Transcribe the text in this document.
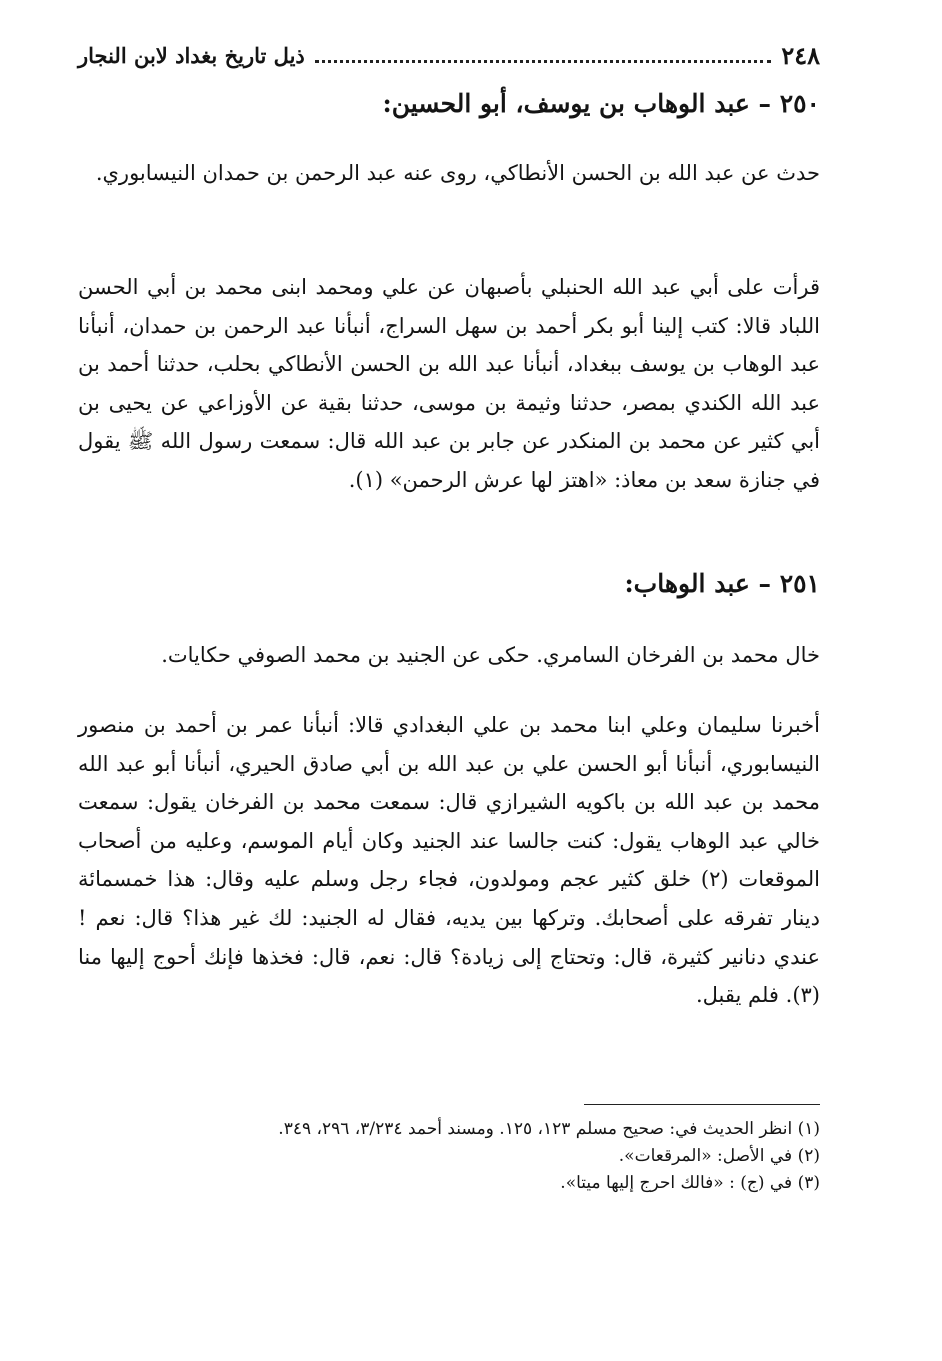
٢٤٨
ذيل تاريخ بغداد لابن النجار
٢٥٠ – عبد الوهاب بن يوسف، أبو الحسين:
حدث عن عبد الله بن الحسن الأنطاكي، روى عنه عبد الرحمن بن حمدان النيسابوري.
قرأت على أبي عبد الله الحنبلي بأصبهان عن علي ومحمد ابنى محمد بن أبي الحسن اللباد قالا: كتب إلينا أبو بكر أحمد بن سهل السراج، أنبأنا عبد الرحمن بن حمدان، أنبأنا عبد الوهاب بن يوسف ببغداد، أنبأنا عبد الله بن الحسن الأنطاكي بحلب، حدثنا أحمد بن عبد الله الكندي بمصر، حدثنا وثيمة بن موسى، حدثنا بقية عن الأوزاعي عن يحيى بن أبي كثير عن محمد بن المنكدر عن جابر بن عبد الله قال: سمعت رسول الله ﷺ يقول في جنازة سعد بن معاذ: «اهتز لها عرش الرحمن» (١).
٢٥١ – عبد الوهاب:
خال محمد بن الفرخان السامري. حكى عن الجنيد بن محمد الصوفي حكايات.
أخبرنا سليمان وعلي ابنا محمد بن علي البغدادي قالا: أنبأنا عمر بن أحمد بن منصور النيسابوري، أنبأنا أبو الحسن علي بن عبد الله بن أبي صادق الحيري، أنبأنا أبو عبد الله محمد بن عبد الله بن باكويه الشيرازي قال: سمعت محمد بن الفرخان يقول: سمعت خالي عبد الوهاب يقول: كنت جالسا عند الجنيد وكان أيام الموسم، وعليه من أصحاب الموقعات (٢) خلق كثير عجم ومولدون، فجاء رجل وسلم عليه وقال: هذا خمسمائة دينار تفرقه على أصحابك. وتركها بين يديه، فقال له الجنيد: لك غير هذا؟ قال: نعم ! عندي دنانير كثيرة، قال: وتحتاج إلى زيادة؟ قال: نعم، قال: فخذها فإنك أحوج إليها منا (٣). فلم يقبل.
(١) انظر الحديث في: صحيح مسلم ١٢٣، ١٢٥. ومسند أحمد ٣/٢٣٤، ٢٩٦، ٣٤٩.
(٢) في الأصل: «المرقعات».
(٣) في (ج) : «فالك احرج إليها ميتا».
